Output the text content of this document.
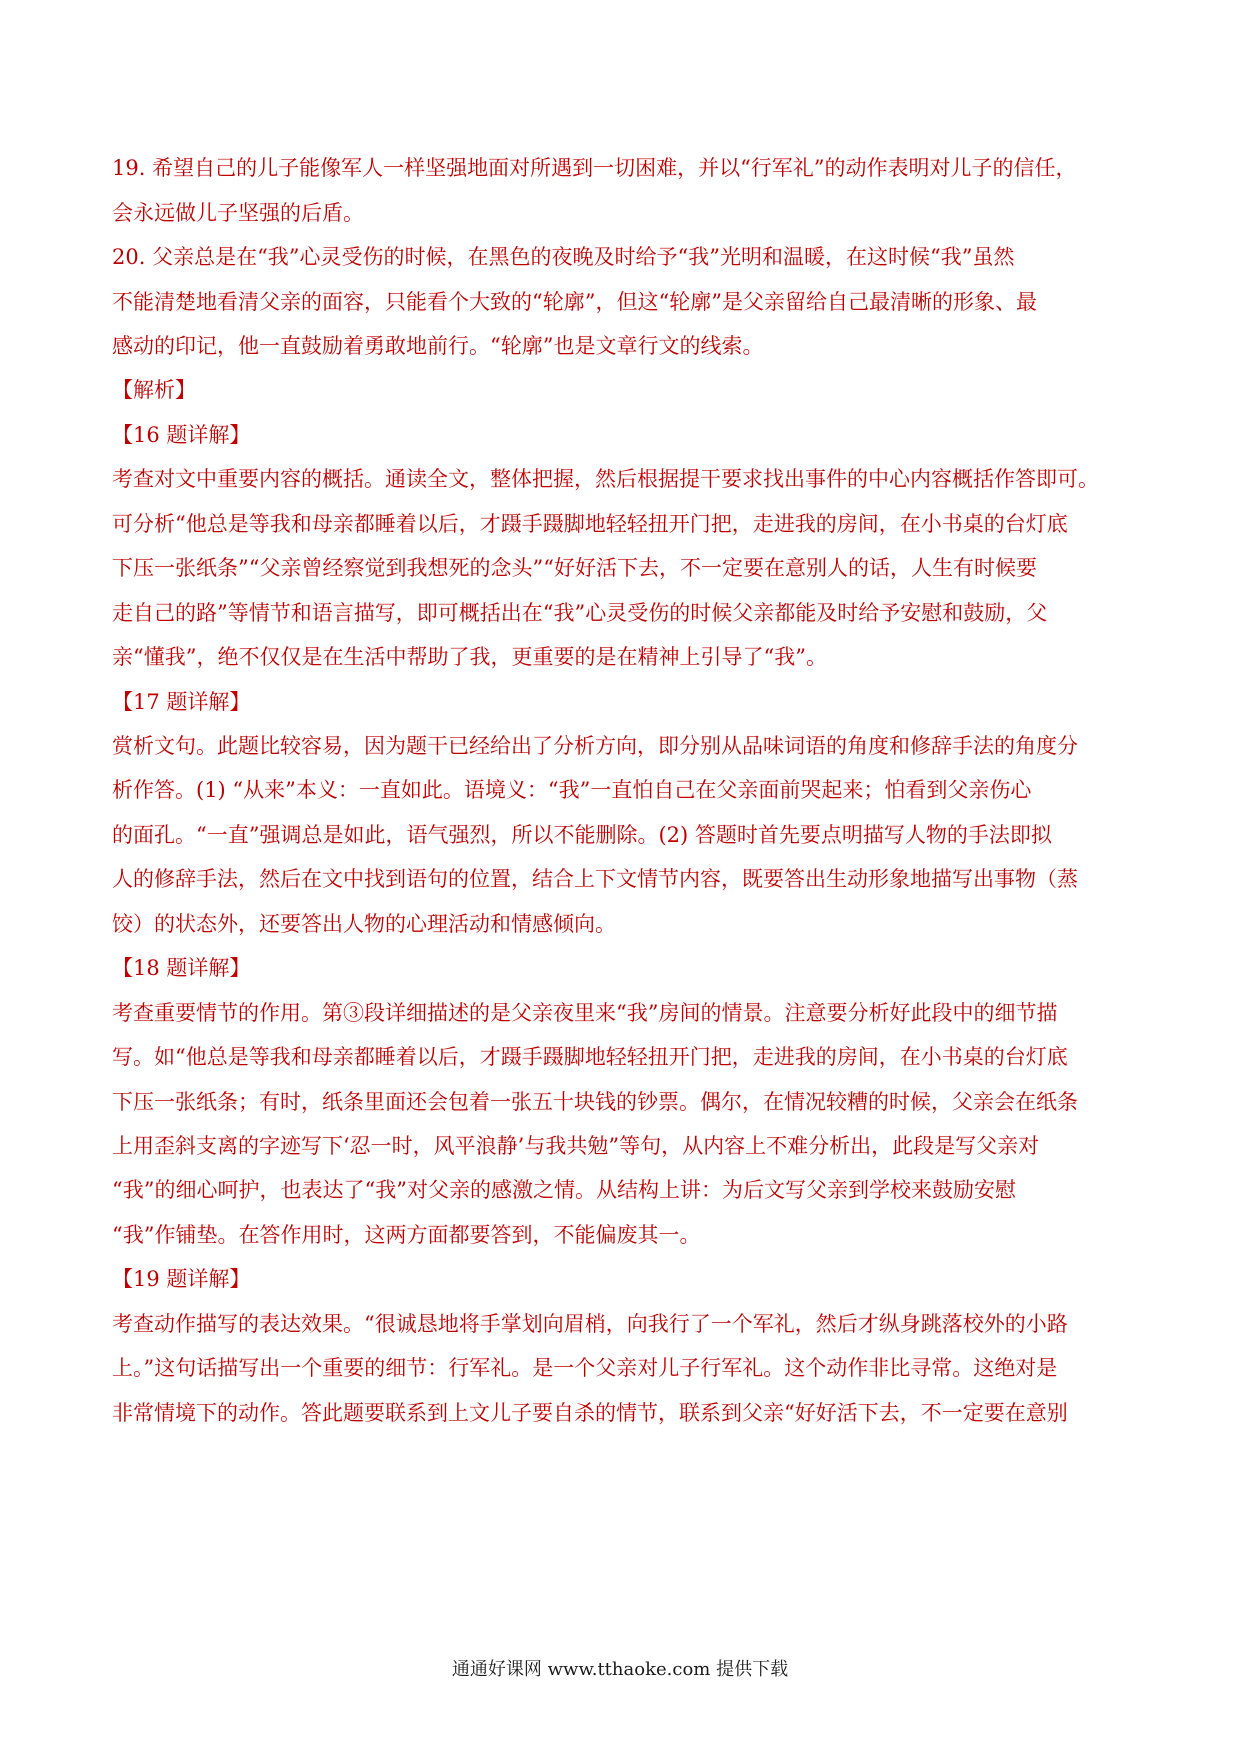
19. 希望自己的儿子能像军人一样坚强地面对所遇到一切困难，并以“行军礼”的动作表明对儿子的信任，
会永远做儿子坚强的后盾。
20. 父亲总是在“我”心灵受伤的时候，在黑色的夜晚及时给予“我”光明和温暖，在这时候“我”虽然
不能清楚地看清父亲的面容，只能看个大致的“轮廓”，但这“轮廓”是父亲留给自己最清晰的形象、最
感动的印记，他一直鼓励着勇敢地前行。“轮廓”也是文章行文的线索。
【解析】
【16 题详解】
考查对文中重要内容的概括。通读全文，整体把握，然后根据提干要求找出事件的中心内容概括作答即可。
可分析“他总是等我和母亲都睡着以后，才蹑手蹑脚地轻轻扭开门把，走进我的房间，在小书桌的台灯底
下压一张纸条”“父亲曾经察觉到我想死的念头”“好好活下去，不一定要在意别人的话，人生有时候要
走自己的路”等情节和语言描写，即可概括出在“我”心灵受伤的时候父亲都能及时给予安慰和鼓励，父
亲“懂我”，绝不仅仅是在生活中帮助了我，更重要的是在精神上引导了“我”。
【17 题详解】
赏析文句。此题比较容易，因为题干已经给出了分析方向，即分别从品味词语的角度和修辞手法的角度分
析作答。(1) “从来”本义：一直如此。语境义：“我”一直怕自己在父亲面前哭起来；怕看到父亲伤心
的面孔。“一直”强调总是如此，语气强烈，所以不能删除。(2) 答题时首先要点明描写人物的手法即拟
人的修辞手法，然后在文中找到语句的位置，结合上下文情节内容，既要答出生动形象地描写出事物（蒸
饺）的状态外，还要答出人物的心理活动和情感倾向。
【18 题详解】
考查重要情节的作用。第③段详细描述的是父亲夜里来“我”房间的情景。注意要分析好此段中的细节描
写。如“他总是等我和母亲都睡着以后，才蹑手蹑脚地轻轻扭开门把，走进我的房间，在小书桌的台灯底
下压一张纸条；有时，纸条里面还会包着一张五十块钱的钞票。偶尔，在情况较糟的时候，父亲会在纸条
上用歪斜支离的字迹写下‘忍一时，风平浪静’与我共勉”等句，从内容上不难分析出，此段是写父亲对
“我”的细心呵护，也表达了“我”对父亲的感激之情。从结构上讲：为后文写父亲到学校来鼓励安慰
“我”作铺垫。在答作用时，这两方面都要答到，不能偏废其一。
【19 题详解】
考查动作描写的表达效果。“很诚恳地将手掌划向眉梢，向我行了一个军礼，然后才纵身跳落校外的小路
上。”这句话描写出一个重要的细节：行军礼。是一个父亲对儿子行军礼。这个动作非比寻常。这绝对是
非常情境下的动作。答此题要联系到上文儿子要自杀的情节，联系到父亲“好好活下去，不一定要在意别
通通好课网 www.tthaoke.com 提供下载
